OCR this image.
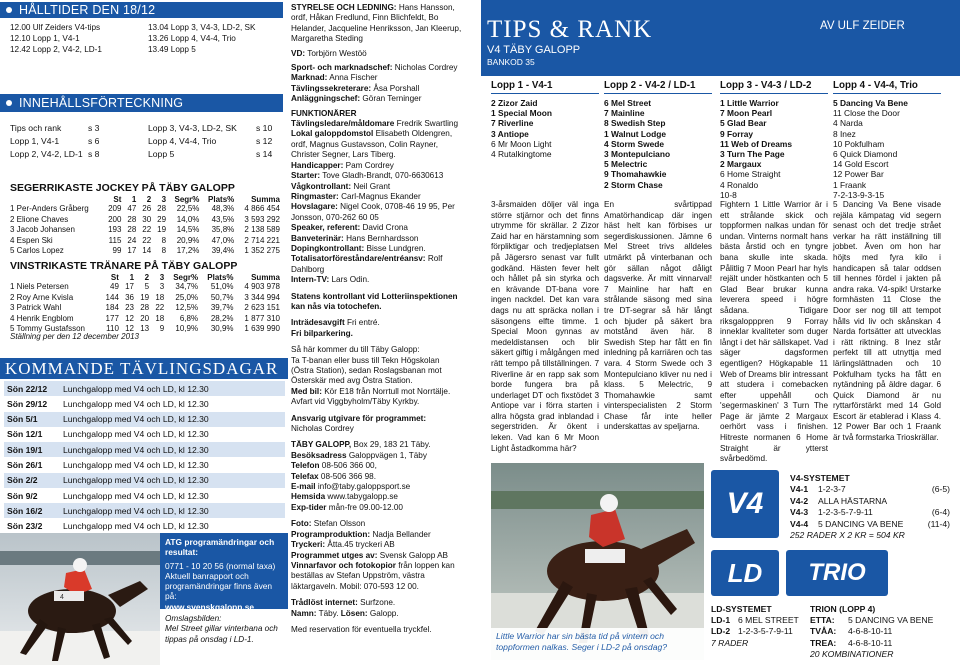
HÅLLTIDER DEN 18/12
12.00 Ulf Zeiders V4-tips
12.10 Lopp 1, V4-1
12.42 Lopp 2, V4-2, LD-1
13.04 Lopp 3, V4-3, LD-2, SK
13.26 Lopp 4, V4-4, Trio
13.49 Lopp 5
INNEHÅLLSFÖRTECKNING
Tips och rank	s 3	Lopp 3, V4-3, LD-2, SK	s 10
Lopp 1, V4-1	s 6	Lopp 4, V4-4, Trio	s 12
Lopp 2, V4-2, LD-1 s 8	Lopp 5	s 14
SEGERRIKASTE JOCKEY PÅ TÄBY GALOPP
	St	1	2	3	Segr%	Plats%	Summa
1 Per-Anders Gråberg	209	47	26	28	22,5%	48,3%	4 866 454
2 Elione Chaves	200	28	30	29	14,0%	43,5%	3 593 292
3 Jacob Johansen	193	28	22	19	14,5%	35,8%	2 138 589
4 Espen Ski	115	24	22	8	20,9%	47,0%	2 714 221
5 Carlos Lopez	99	17	14	8	17,2%	39,4%	1 352 275
VINSTRIKASTE TRÄNARE PÅ TÄBY GALOPP
	St	1	2	3	Segr%	Plats%	Summa
1 Niels Petersen	49	17	5	3	34,7%	51,0%	4 903 978
2 Roy Arne Kvisla	144	36	19	18	25,0%	50,7%	3 344 994
3 Patrick Wahl	184	23	28	22	12,5%	39,7%	2 623 151
4 Henrik Engblom	177	12	20	18	6,8%	28,2%	1 877 310
5 Tommy Gustafsson	110	12	13	9	10,9%	30,9%	1 639 990
Ställning per den 12 december 2013
KOMMANDE TÄVLINGSDAGAR
Sön 22/12	Lunchgalopp med V4 och LD, kl 12.30
Sön 29/12	Lunchgalopp med V4 och LD, kl 12.30
Sön 5/1	Lunchgalopp med V4 och LD, kl 12.30
Sön 12/1	Lunchgalopp med V4 och LD, kl 12.30
Sön 19/1	Lunchgalopp med V4 och LD, kl 12.30
Sön 26/1	Lunchgalopp med V4 och LD, kl 12.30
Sön 2/2	Lunchgalopp med V4 och LD, kl 12.30
Sön 9/2	Lunchgalopp med V4 och LD, kl 12.30
Sön 16/2	Lunchgalopp med V4 och LD, kl 12.30
Sön 23/2	Lunchgalopp med V4 och LD, kl 12.30
4
ATG programändringar och resultat:
0771 - 10 20 56 (normal taxa)
Aktuell banrapport och programändringar finns även på:
www.svenskgalopp.se
Omslagsbilden:
Mel Street gillar vinterbana och tippas på onsdag i LD-1.
STYRELSE OCH LEDNING: Hans Hansson, ordf, Håkan Fredlund, Finn Blichfeldt, Bo Helander, Jacqueline Henriksson, Jan Kleerup, Margaretha Steding
VD: Torbjörn Westöö
Sport- och marknadschef: Nicholas Cordrey
Marknad: Anna Fischer
Tävlingssekreterare: Åsa Porshall
Anläggningschef: Göran Terninger
FUNKTIONÄRER
Tävlingsledare/måldomare Fredrik Swartling
Lokal galoppdomstol Elisabeth Oldengren, ordf, Magnus Gustavsson, Colin Rayner, Christer Segner, Lars Tiberg.
Handicapper: Pam Cordrey
Starter: Tove Gladh-Brandt, 070-6630613
Vågkontrollant: Neil Grant
Ringmaster: Carl-Magnus Ekander
Hovslagare: Nigel Cook, 0708-46 19 95, Per Jonsson, 070-262 60 05
Speaker, referent: David Crona
Banveterinär: Hans Bernhardsson
Dopingkontrollant: Bisse Lundgren.
Totalisatorföreståndare/entréansv: Rolf Dahlborg
Intern-TV: Lars Odin.
Statens kontrollant vid Lotteriinspektionen kan nås via totochefen.
Inträdesavgift Fri entré.
Fri bilparkering.
Så här kommer du till Täby Galopp:
Ta T-banan eller buss till Tekn Högskolan (Östra Station), sedan Roslagsbanan mot Österskär med avg Östra Station.
Med bil: Kör E18 från Norrtull mot Norrtälje. Avfart vid Viggbyholm/Täby Kyrkby.
Ansvarig utgivare för programmet:
Nicholas Cordrey
TÄBY GALOPP, Box 29, 183 21 Täby.
Besöksadress Galoppvägen 1, Täby
Telefon 08-506 366 00,
Telefax 08-506 366 98.
E-mail info@taby.galoppsport.se
Hemsida www.tabygalopp.se
Exp-tider mån-fre 09.00-12.00
Foto: Stefan Olsson
Programproduktion: Nadja Bellander
Tryckeri: Åtta.45 tryckeri AB
Programmet utges av: Svensk Galopp AB
Vinnarfavor och fotokopior från loppen kan beställas av Stefan Uppström, västra läktargaveln. Mobil: 070-593 12 00.
Trådlöst internet: Surfzone.
Namn: Täby. Lösen: Galopp.
Med reservation för eventuella tryckfel.
TIPS & RANK
V4 TÄBY GALOPP
BANKOD 35
AV ULF ZEIDER
Lopp 1 - V4-1
2 Zizor Zaid
1 Special Moon
7 Riverline
3 Antiope
6 Mr Moon Light
4 Rutalkingtome
3-årsmaiden döljer väl inga större stjärnor och det finns utrymme för skrällar. 2 Zizor Zaid har en härstamning som förpliktigar och tredjeplatsen på Jägersro senast var fullt godkänd. Hästen fever helt och hållet på sin styrka och en krävande DT-bana vore ingen nackdel. Det kan vara dags nu att spräcka nollan i säsongens elfte timme. 1 Special Moon gynnas av medeldistansen och blir säkert giftig i målgången med rätt tempo på tillställningen. 7 Riverline är en rapp sak som borde fungera bra på underlaget DT och fixstödet 3 Antiope var i förra starten i allra högsta grad inblandad i segerstriden. Är ökent i leken. Vad kan 6 Mr Moon Light åstadkomma här?
Lopp 2 - V4-2 / LD-1
6 Mel Street
7 Mainline
8 Swedish Step
1 Walnut Lodge
4 Storm Swede
3 Montepulciano
5 Melectric
9 Thomahawkie
2 Storm Chase
En svårtippad Amatörhandicap där ingen häst helt kan förbises ur segerdiskussionen. Jämne 6 Mel Street trivs alldeles utmärkt på vinterbanan och gör sällan något dåligt dagsverke. Är mitt vinnarval! 7 Mainline har haft en strålande säsong med sina tre DT-segrar så här långt och bjuder på säkert bra motstånd även här. 8 Swedish Step har fått en fin inledning på karriären och tas vara. 4 Storm Swede och 3 Montepulciano kliver nu ned i klass. 5 Melectric, 9 Thomahawkie samt vinterspecialisten 2 Storm Chase får inte heller underskattas av speljarna.
Lopp 3 - V4-3 / LD-2
1 Little Warrior
7 Moon Pearl
5 Glad Bear
9 Forray
11 Web of Dreams
3 Turn The Page
2 Margaux
6 Home Straight
4 Ronaldo
10-8
Fightern 1 Little Warrior är i ett strålande skick och toppformen nalkas undan för undan. Vinterns normalt hans bästa årstid och en tyngre bana skulle inte skada. Pålitlig 7 Moon Pearl har hyls rejält under höstkanten och 5 Glad Bear brukar kunna leverera speed i högre sådana. Tidigare riksgalopppren 9 Forray inneklar kvaliteter som duger långt i det här sällskapet. Vad säger dagsformen egentligen? Högkapable 11 Web of Dreams blir intressant att studera i comebacken efter uppehåll och 'segermaskinen' 3 Turn The Page är jämte 2 Margaux oerhört vass i finishen. Hitreste normanen 6 Home Straight är ytterst svårbedömd.
Lopp 4 - V4-4, Trio
5 Dancing Va Bene
11 Close the Door
4 Narda
8 Inez
10 Pokfulham
6 Quick Diamond
14 Gold Escort
12 Power Bar
1 Fraank
7-2-13-9-3-15
5 Dancing Va Bene visade rejäla kämpatag vid segern senast och det tredje strået verkar ha rätt inställning till jobbet. Även om hon har höjts med fyra kilo i handicapen så talar oddsen till hennes fördel i jakten på andra raka. V4-spik! Urstarke formhästen 11 Close the Door ser nog till att tempot hålls vid liv och skånskan 4 Narda fortsätter att utvecklas i rätt riktning. 8 Inez står perfekt till att utnyttja med lärlingslättnaden och 10 Pokfulham tycks ha fått en nytändning på äldre dagar. 6 Quick Diamond är nu ryttarförstärkt med 14 Gold Escort är etablerad i Klass 4. 12 Power Bar och 1 Fraank är två formstarka Trioskrällar.
Little Warrior har sin bästa tid på vintern och toppformen nalkas. Seger i LD-2 på onsdag?
V4
V4-SYSTEMET
V4-1	1-2-3-7	(6-5)
V4-2	ALLA HÄSTARNA
V4-3	1-2-3-5-7-9-11	(6-4)
V4-4	5 DANCING VA BENE	(11-4)
252 RADER X 2 KR = 504 KR
LD TRIO
LD-SYSTEMET
LD-1 6 MEL STREET
LD-2 1-2-3-5-7-9-11
7 RADER
TRION (LOPP 4)
ETTA:	5 DANCING VA BENE
TVÅA:	4-6-8-10-11
TREA:	4-6-8-10-11
20 KOMBINATIONER
